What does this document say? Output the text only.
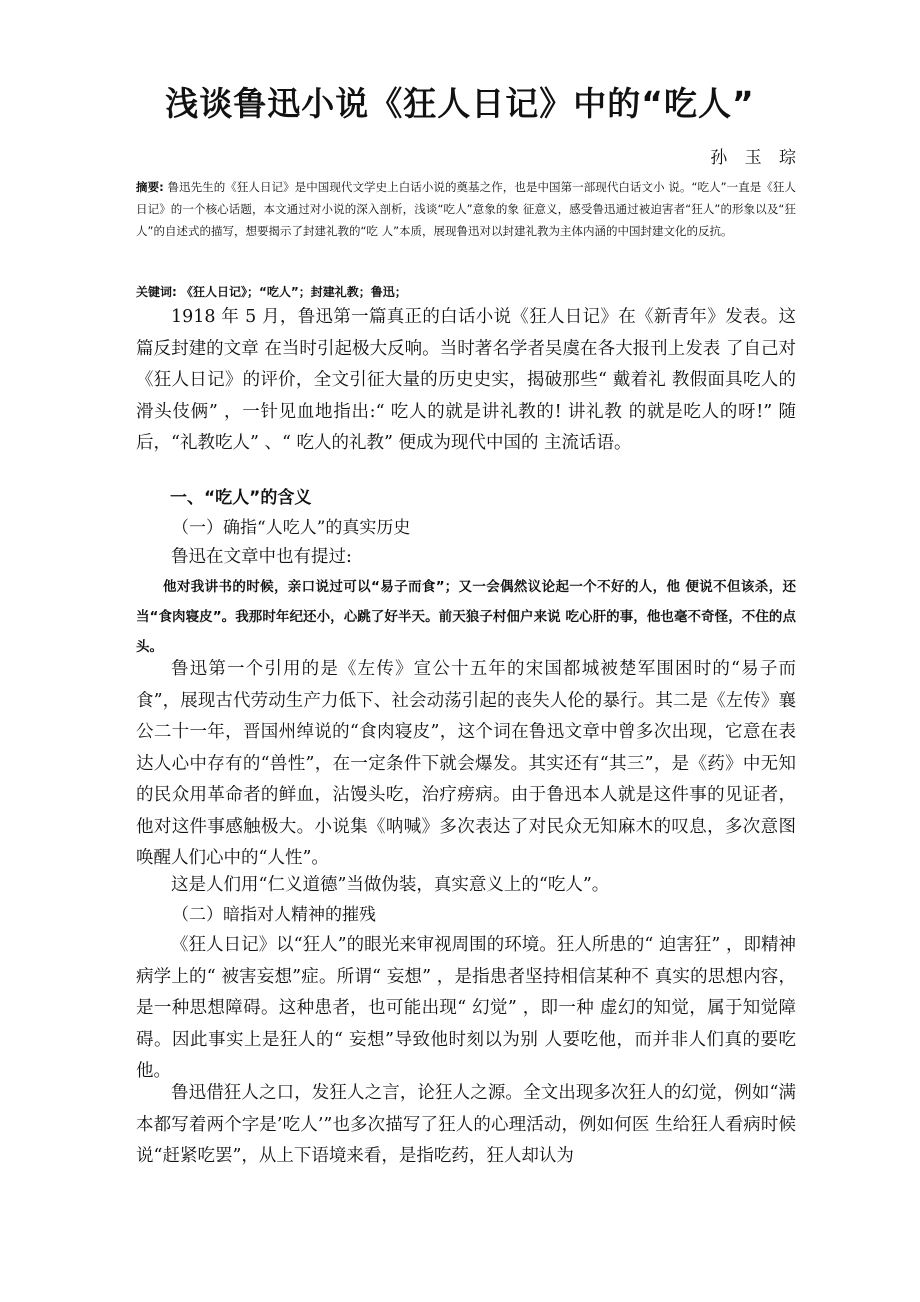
浅谈鲁迅小说《狂人日记》中的“吃人”
孙 玉 琮

摘要: 鲁迅先生的《狂人日记》是中国现代文学史上白话小说的奠基之作，也是中国第一部现代白话文小 说。“吃人”一直是《狂人日记》的一个核心话题，本文通过对小说的深入剖析，浅谈“吃人”意象的象 征意义，感受鲁迅通过被迫害者“狂人”的形象以及“狂人”的自述式的描写，想要揭示了封建礼教的“吃 人”本质，展现鲁迅对以封建礼教为主体内涵的中国封建文化的反抗。

关键词: 《狂人日记》；“吃人”；封建礼教；鲁迅；

1918 年 5 月，鲁迅第一篇真正的白话小说《狂人日记》在《新青年》发表。这篇反封建的文章 在当时引起极大反响。当时著名学者吴虞在各大报刊上发表 了自己对《狂人日记》的评价，全文引征大量的历史史实，揭破那些“ 戴着礼 教假面具吃人的滑头伎俩” ，一针见血地指出:“ 吃人的就是讲礼教的! 讲礼教 的就是吃人的呀!” 随后，“礼教吃人” 、“ 吃人的礼教” 便成为现代中国的 主流话语。

一、“吃人”的含义

（一）确指“人吃人”的真实历史

鲁迅在文章中也有提过:

他对我讲书的时候，亲口说过可以“易子而食”；又一会偶然议论起一个不好的人，他 便说不但该杀，还当“食肉寝皮”。我那时年纪还小，心跳了好半天。前天狼子村佃户来说 吃心肝的事，他也毫不奇怪，不住的点头。

鲁迅第一个引用的是《左传》宣公十五年的宋国都城被楚军围困时的“易子而食”，展现古代劳动生产力低下、社会动荡引起的丧失人伦的暴行。其二是《左传》襄公二十一年，晋国州绰说的“食肉寝皮”，这个词在鲁迅文章中曾多次出现，它意在表达人心中存有的“兽性”，在一定条件下就会爆发。其实还有“其三”，是《药》中无知的民众用革命者的鲜血，沾馒头吃，治疗痨病。由于鲁迅本人就是这件事的见证者，他对这件事感触极大。小说集《呐喊》多次表达了对民众无知麻木的叹息，多次意图唤醒人们心中的“人性”。

这是人们用“仁义道德”当做伪装，真实意义上的“吃人”。

（二）暗指对人精神的摧残

《狂人日记》以“狂人”的眼光来审视周围的环境。狂人所患的“ 迫害狂” ，即精神病学上的“ 被害妄想”症。所谓“ 妄想” ，是指患者坚持相信某种不 真实的思想内容，是一种思想障碍。这种患者，也可能出现“ 幻觉” ，即一种 虚幻的知觉，属于知觉障碍。因此事实上是狂人的“ 妄想”导致他时刻以为别 人要吃他，而并非人们真的要吃他。

鲁迅借狂人之口，发狂人之言，论狂人之源。全文出现多次狂人的幻觉，例如“满本都写着两个字是’吃人’”也多次描写了狂人的心理活动，例如何医 生给狂人看病时候说“赶紧吃罢”，从上下语境来看，是指吃药，狂人却认为
